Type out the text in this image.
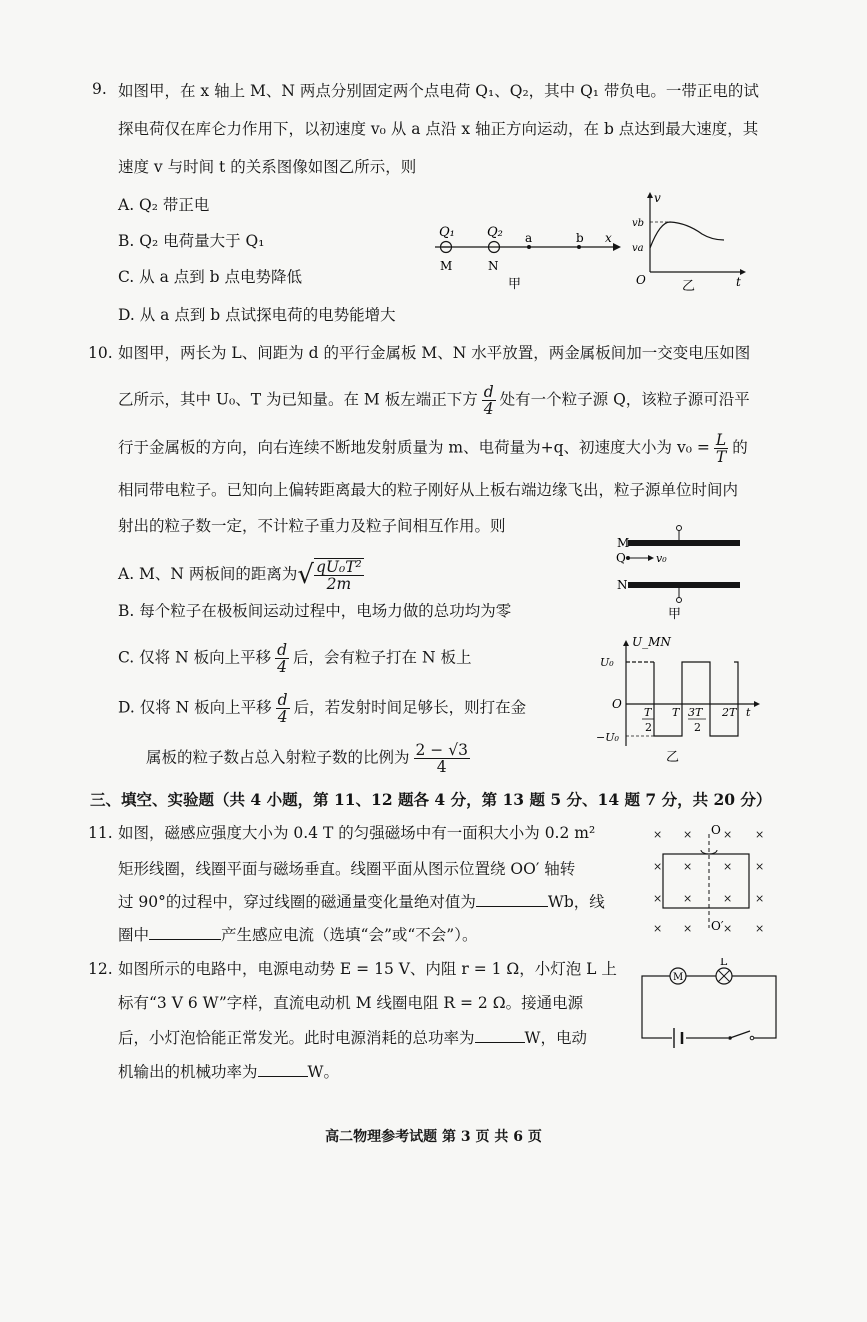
9. 如图甲，在 x 轴上 M、N 两点分别固定两个点电荷 Q₁、Q₂，其中 Q₁ 带负电。一带正电的试
探电荷仅在库仑力作用下，以初速度 v₀ 从 a 点沿 x 轴正方向运动，在 b 点达到最大速度，其
速度 v 与时间 t 的关系图像如图乙所示，则
A. Q₂ 带正电
B. Q₂ 电荷量大于 Q₁
C. 从 a 点到 b 点电势降低
D. 从 a 点到 b 点试探电荷的电势能增大
Q₁ Q₂ a	b x
M	N
甲
v
vb
va
O	t
乙
10. 如图甲，两长为 L、间距为 d 的平行金属板 M、N 水平放置，两金属板间加一交变电压如图
乙所示，其中 U₀、T 为已知量。在 M 板左端正下方 $\frac{d}{4}$ 处有一个粒子源 Q，该粒子源可沿平
行于金属板的方向，向右连续不断地发射质量为 m、电荷量为+q、初速度大小为 $v_0 = \frac{L}{T}$ 的
相同带电粒子。已知向上偏转距离最大的粒子刚好从上板右端边缘飞出，粒子源单位时间内
射出的粒子数一定，不计粒子重力及粒子间相互作用。则
A. M、N 两板间的距离为 √ $\frac{\text{qU₀T²}}{2m}$
B. 每个粒子在极板间运动过程中，电场力做的总功均为零
C. 仅将 N 板向上平移 $\frac{d}{4}$ 后，会有粒子打在 N 板上
D. 仅将 N 板向上平移 $\frac{d}{4}$ 后，若发射时间足够长，则打在金
属板的粒子数占总入射粒子数的比例为 $\frac{2 - √3}{4}$
M
Q	v₀
N
甲
U_MN
U₀
−U₀
O
T
2
T 3T
2
2T t
乙
三、填空、实验题（共 4 小题，第 11、12 题各 4 分，第 13 题 5 分、14 题 7 分，共 20 分）
11. 如图，磁感应强度大小为 0.4 T 的匀强磁场中有一面积大小为 0.2 m²
矩形线圈，线圈平面与磁场垂直。线圈平面从图示位置绕 OO′ 轴转
过 90°的过程中，穿过线圈的磁通量变化量绝对值为	Wb，线
圈中	产生感应电流（选填“会”或“不会”）。
× ×	× ×
× ×	× ×
× ×	× ×
× ×	× ×
O
O′
12. 如图所示的电路中，电源电动势 E = 15 V、内阻 r = 1 Ω，小灯泡 L 上
标有“3 V 6 W”字样，直流电动机 M 线圈电阻 R = 2 Ω。接通电源
后，小灯泡恰能正常发光。此时电源消耗的总功率为	W，电动
机输出的机械功率为	W。
M
L
高二物理参考试题 第 3 页 共 6 页
